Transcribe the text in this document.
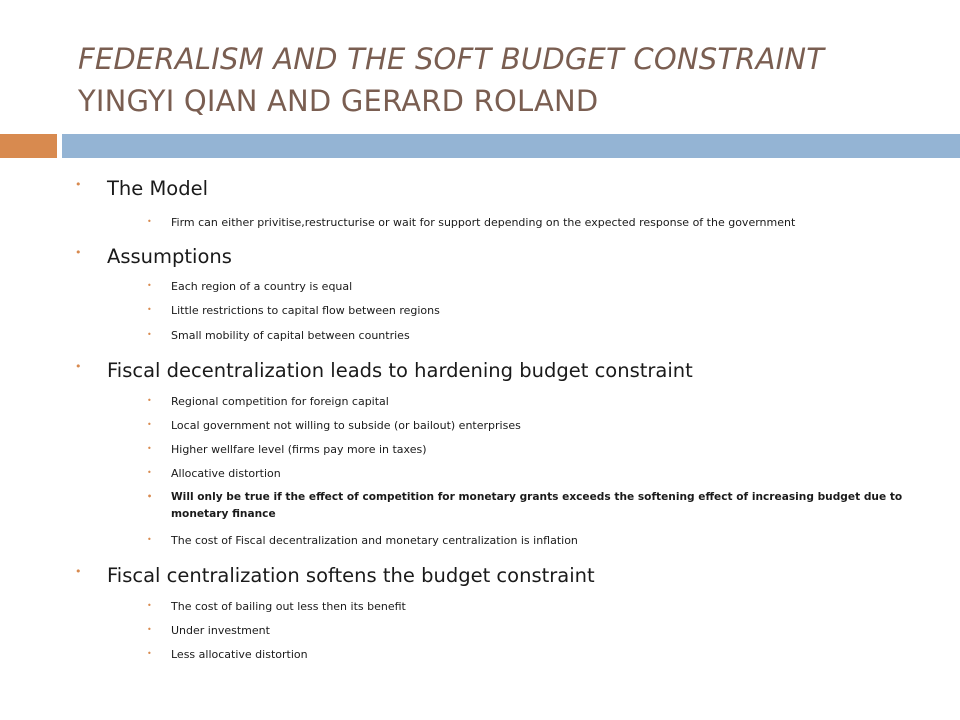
FEDERALISM AND THE SOFT BUDGET CONSTRAINT
YINGYI QIAN AND GERARD ROLAND
• The Model
• Firm can either privitise,restructurise or wait for support depending on the expected response of the government
• Assumptions
• Each region of a country is equal
• Little restrictions to capital flow between regions
• Small mobility of capital between countries
• Fiscal decentralization leads to hardening budget constraint
• Regional competition for foreign capital
• Local government not willing to subside (or bailout) enterprises
• Higher wellfare level (firms pay more in taxes)
• Allocative distortion
• Will only be true if the effect of competition for monetary grants exceeds the softening effect of increasing budget due to monetary finance
• The cost of Fiscal decentralization and monetary centralization is inflation
• Fiscal centralization softens the budget constraint
• The cost of bailing out less then its benefit
• Under investment
• Less allocative distortion
